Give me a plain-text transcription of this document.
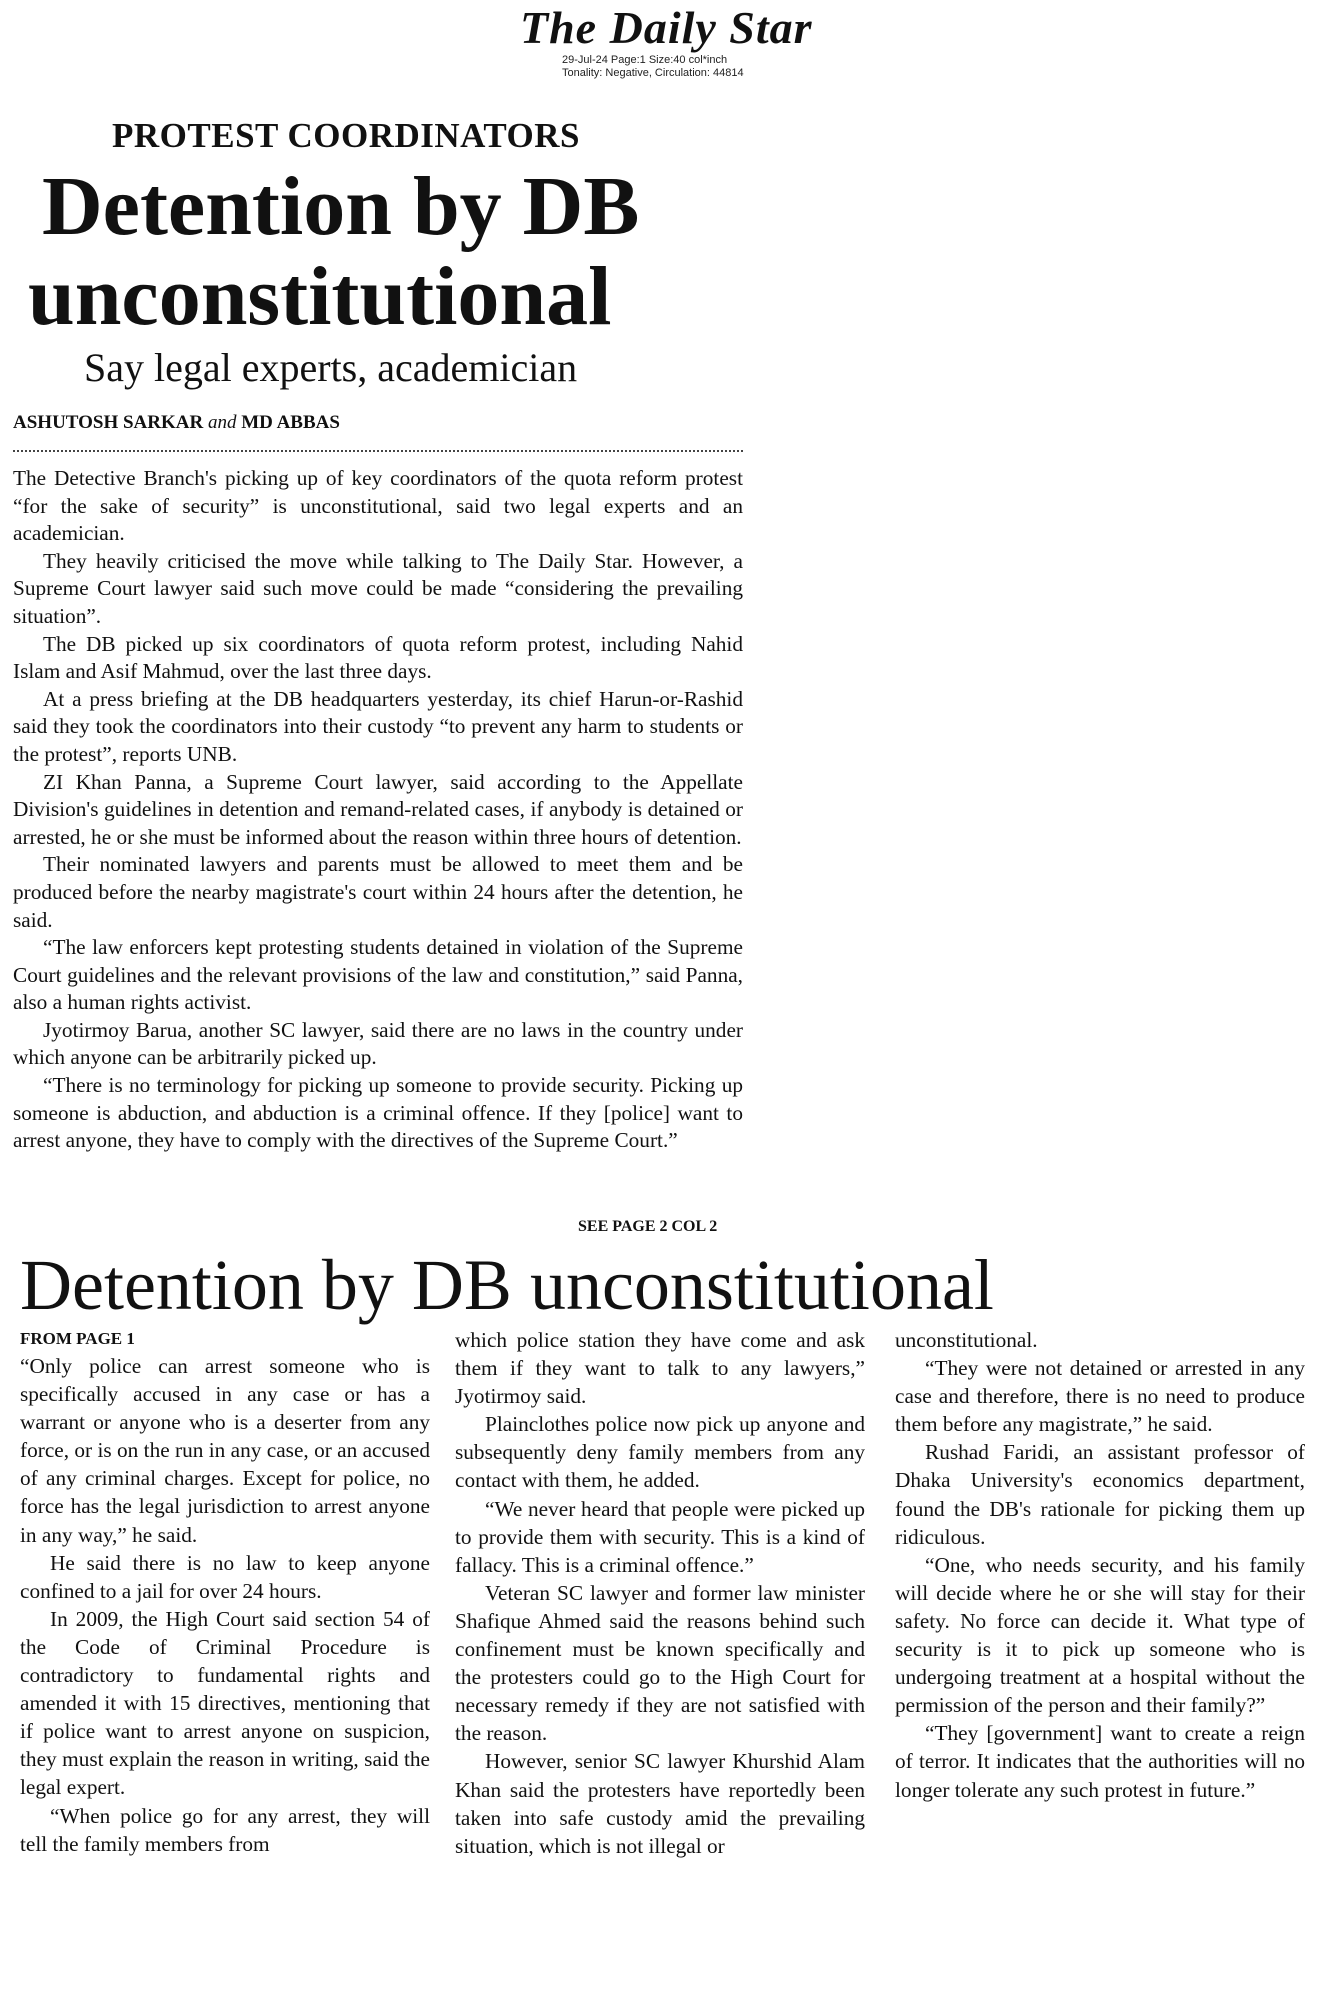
The Daily Star
29-Jul-24 Page:1 Size:40 col*inch
Tonality: Negative, Circulation: 44814
PROTEST COORDINATORS
Detention by DB
unconstitutional
Say legal experts, academician
ASHUTOSH SARKAR and MD ABBAS

The Detective Branch's picking up of key coordinators of the quota reform protest “for the sake of security” is unconstitutional, said two legal experts and an academician.

They heavily criticised the move while talking to The Daily Star. However, a Supreme Court lawyer said such move could be made “considering the prevailing situation”.

The DB picked up six coordinators of quota reform protest, including Nahid Islam and Asif Mahmud, over the last three days.

At a press briefing at the DB headquarters yesterday, its chief Harun-or-Rashid said they took the coordinators into their custody “to prevent any harm to students or the protest”, reports UNB.

ZI Khan Panna, a Supreme Court lawyer, said according to the Appellate Division's guidelines in detention and remand-related cases, if anybody is detained or arrested, he or she must be informed about the reason within three hours of detention.

Their nominated lawyers and parents must be allowed to meet them and be produced before the nearby magistrate's court within 24 hours after the detention, he said.

“The law enforcers kept protesting students detained in violation of the Supreme Court guidelines and the relevant provisions of the law and constitution,” said Panna, also a human rights activist.

Jyotirmoy Barua, another SC lawyer, said there are no laws in the country under which anyone can be arbitrarily picked up.

“There is no terminology for picking up someone to provide security. Picking up someone is abduction, and abduction is a criminal offence. If they [police] want to arrest anyone, they have to comply with the directives of the Supreme Court.”

SEE PAGE 2 COL 2
Detention by DB unconstitutional
FROM PAGE 1

“Only police can arrest someone who is specifically accused in any case or has a warrant or anyone who is a deserter from any force, or is on the run in any case, or an accused of any criminal charges. Except for police, no force has the legal jurisdiction to arrest anyone in any way,” he said.

He said there is no law to keep anyone confined to a jail for over 24 hours.

In 2009, the High Court said section 54 of the Code of Criminal Procedure is contradictory to fundamental rights and amended it with 15 directives, mentioning that if police want to arrest anyone on suspicion, they must explain the reason in writing, said the legal expert.

“When police go for any arrest, they will tell the family members from

which police station they have come and ask them if they want to talk to any lawyers,” Jyotirmoy said.

Plainclothes police now pick up anyone and subsequently deny family members from any contact with them, he added.

“We never heard that people were picked up to provide them with security. This is a kind of fallacy. This is a criminal offence.”

Veteran SC lawyer and former law minister Shafique Ahmed said the reasons behind such confinement must be known specifically and the protesters could go to the High Court for necessary remedy if they are not satisfied with the reason.

However, senior SC lawyer Khurshid Alam Khan said the protesters have reportedly been taken into safe custody amid the prevailing situation, which is not illegal or

unconstitutional.

“They were not detained or arrested in any case and therefore, there is no need to produce them before any magistrate,” he said.

Rushad Faridi, an assistant professor of Dhaka University's economics department, found the DB's rationale for picking them up ridiculous.

“One, who needs security, and his family will decide where he or she will stay for their safety. No force can decide it. What type of security is it to pick up someone who is undergoing treatment at a hospital without the permission of the person and their family?”

“They [government] want to create a reign of terror. It indicates that the authorities will no longer tolerate any such protest in future.”
